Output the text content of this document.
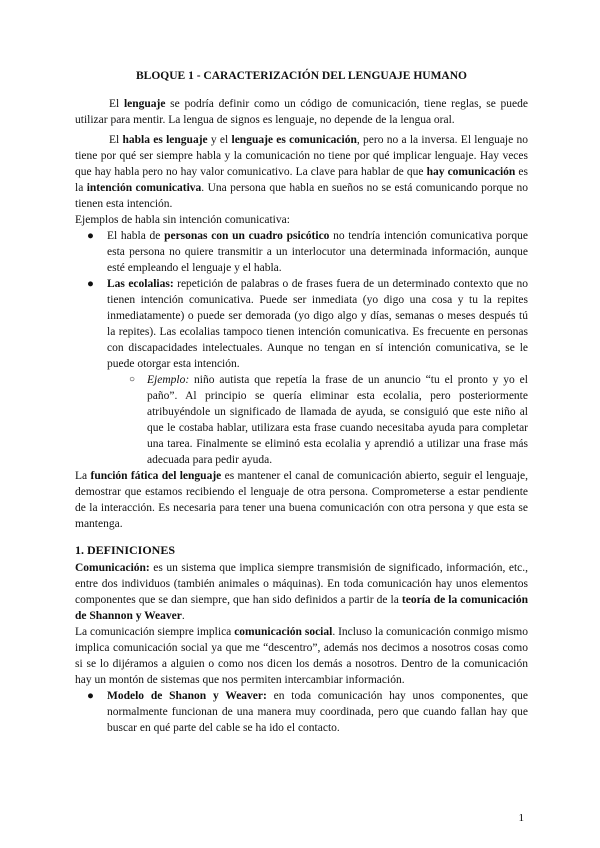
BLOQUE 1 - CARACTERIZACIÓN DEL LENGUAJE HUMANO

El lenguaje se podría definir como un código de comunicación, tiene reglas, se puede utilizar para mentir. La lengua de signos es lenguaje, no depende de la lengua oral.

El habla es lenguaje y el lenguaje es comunicación, pero no a la inversa. El lenguaje no tiene por qué ser siempre habla y la comunicación no tiene por qué implicar lenguaje. Hay veces que hay habla pero no hay valor comunicativo. La clave para hablar de que hay comunicación es la intención comunicativa. Una persona que habla en sueños no se está comunicando porque no tienen esta intención.

Ejemplos de habla sin intención comunicativa:

● El habla de personas con un cuadro psicótico no tendría intención comunicativa porque esta persona no quiere transmitir a un interlocutor una determinada información, aunque esté empleando el lenguaje y el habla.
● Las ecolalias: repetición de palabras o de frases fuera de un determinado contexto que no tienen intención comunicativa. Puede ser inmediata (yo digo una cosa y tu la repites inmediatamente) o puede ser demorada (yo digo algo y días, semanas o meses después tú la repites). Las ecolalias tampoco tienen intención comunicativa. Es frecuente en personas con discapacidades intelectuales. Aunque no tengan en sí intención comunicativa, se le puede otorgar esta intención.
○ Ejemplo: niño autista que repetía la frase de un anuncio “tu el pronto y yo el paño”. Al principio se quería eliminar esta ecolalia, pero posteriormente atribuyéndole un significado de llamada de ayuda, se consiguió que este niño al que le costaba hablar, utilizara esta frase cuando necesitaba ayuda para completar una tarea. Finalmente se eliminó esta ecolalia y aprendió a utilizar una frase más adecuada para pedir ayuda.

La función fática del lenguaje es mantener el canal de comunicación abierto, seguir el lenguaje, demostrar que estamos recibiendo el lenguaje de otra persona. Comprometerse a estar pendiente de la interacción. Es necesaria para tener una buena comunicación con otra persona y que esta se mantenga.

1. DEFINICIONES

Comunicación: es un sistema que implica siempre transmisión de significado, información, etc., entre dos individuos (también animales o máquinas). En toda comunicación hay unos elementos componentes que se dan siempre, que han sido definidos a partir de la teoría de la comunicación de Shannon y Weaver.

La comunicación siempre implica comunicación social. Incluso la comunicación conmigo mismo implica comunicación social ya que me “descentro”, además nos decimos a nosotros cosas como si se lo dijéramos a alguien o como nos dicen los demás a nosotros. Dentro de la comunicación hay un montón de sistemas que nos permiten intercambiar información.

● Modelo de Shanon y Weaver: en toda comunicación hay unos componentes, que normalmente funcionan de una manera muy coordinada, pero que cuando fallan hay que buscar en qué parte del cable se ha ido el contacto.
1
